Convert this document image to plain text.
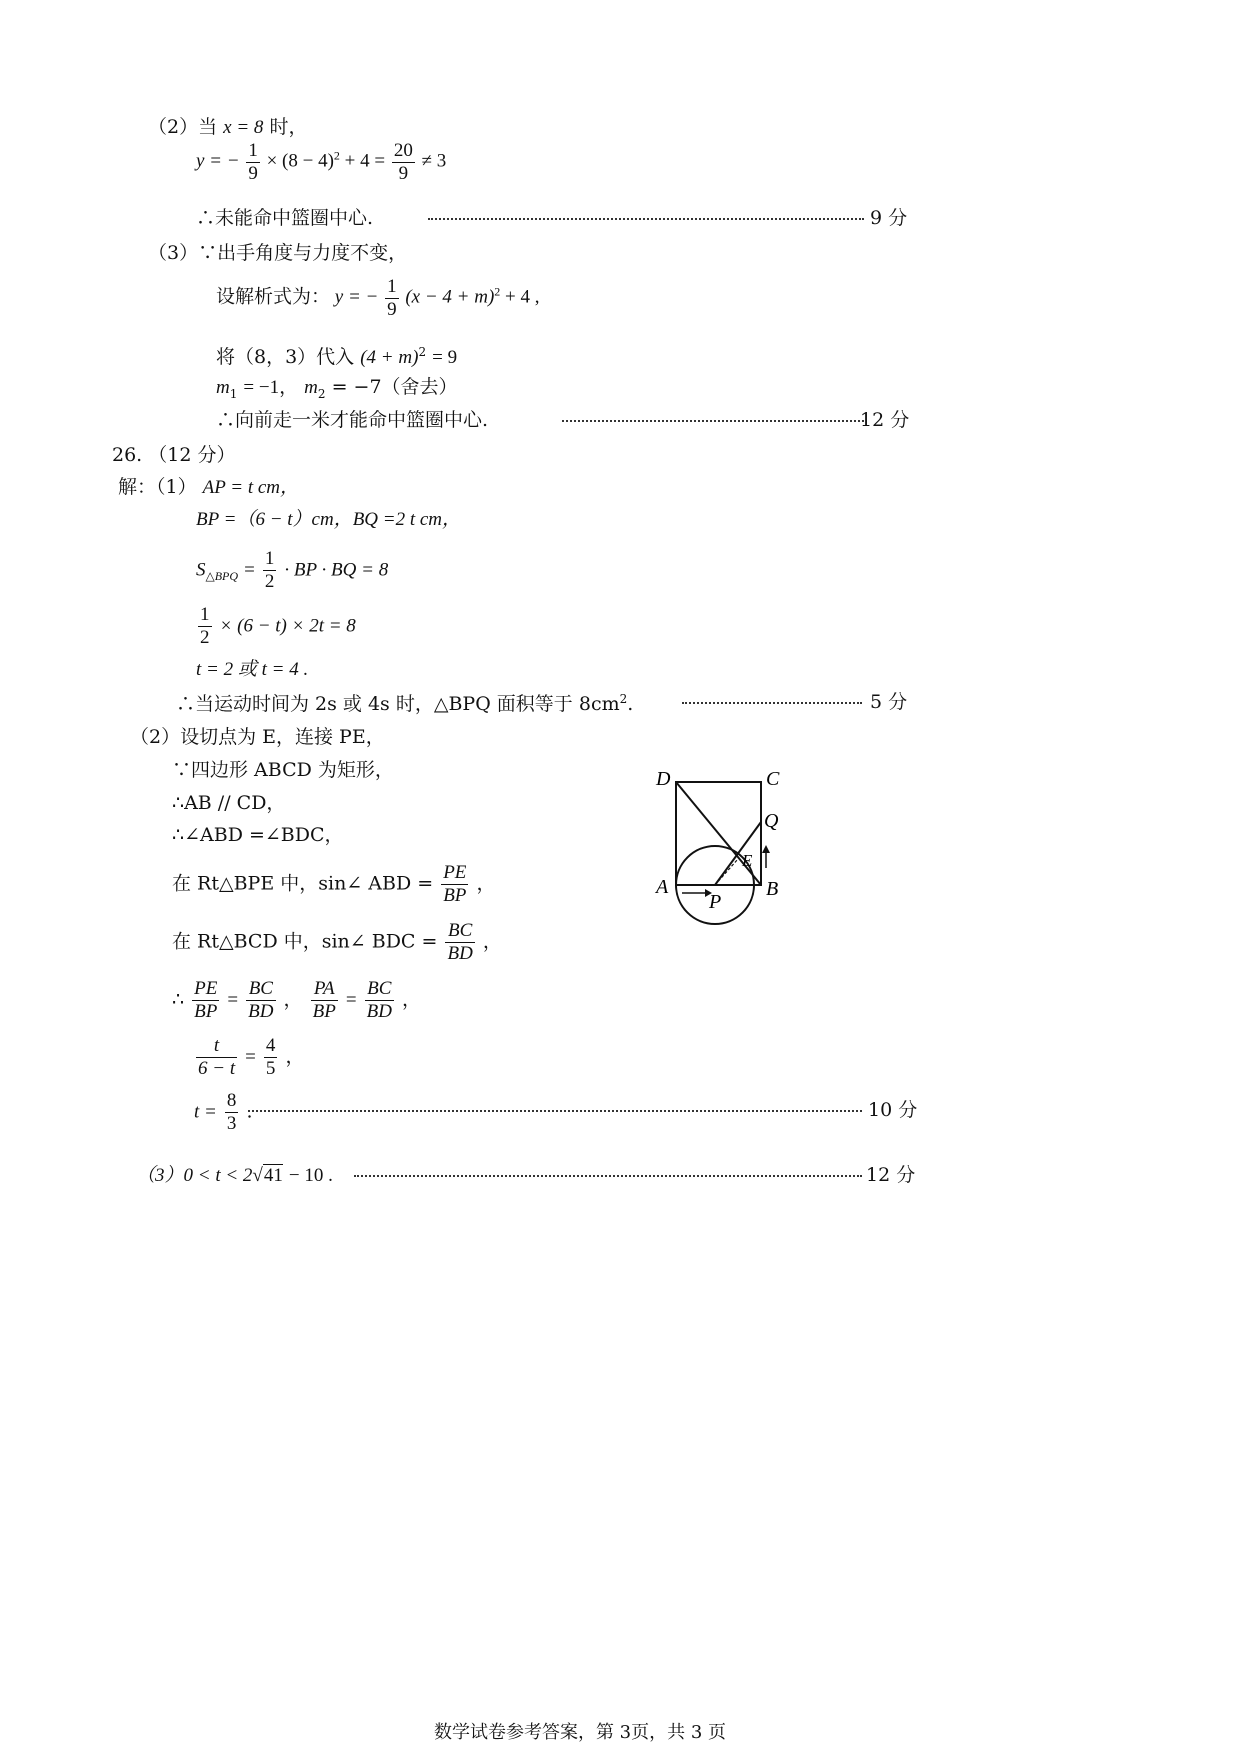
（2）当 x = 8 时，
y = − $\frac{1}{9} \times (8 - 4)^2 + 4 = \frac{20}{9} \ne 3$
∴未能命中篮圈中心.	9 分
（3）∵出手角度与力度不变，
设解析式为： y = − $\frac{1}{9} (x - 4 + m)^2 + 4$ ,
将（8，3）代入 $(4 + m)^2 = 9$
$m_1 = -1$， $m_2 = -7$（舍去）
∴向前走一米才能命中篮圈中心.	12 分
26. （12 分）
解：（1） AP = t cm，
BP =（6 − t）cm，BQ =2 t cm，
$S_{\triangle BPQ} = \frac{1}{2}$ · BP · BQ = 8
$\frac{1}{2} \times (6 - t) \times 2t = 8$
t = 2 或 t = 4 .
∴当运动时间为 2s 或 4s 时，△BPQ 面积等于 $8cm^2$.	5 分
（2）设切点为 E，连接 PE，
∵四边形 ABCD 为矩形，
∴AB // CD，
∴∠ABD =∠BDC，
在 Rt△BPE 中，sin∠ ABD = $\frac{PE}{BP}$ ，
在 Rt△BCD 中，sin∠ BDC = $\frac{BC}{BD}$ ，
∴ $\frac{PE}{BP} = \frac{BC}{BD}$ ， $\frac{PA}{BP} = \frac{BC}{BD}$ ，
$\frac{t}{6 - t} = \frac{4}{5}$ ，
$t = \frac{8}{3}$ .	10 分
（3）0 < t < 2√41 − 10 .	12 分
D	C
Q
E
A	B
P
数学试卷参考答案，第 3页，共 3 页
